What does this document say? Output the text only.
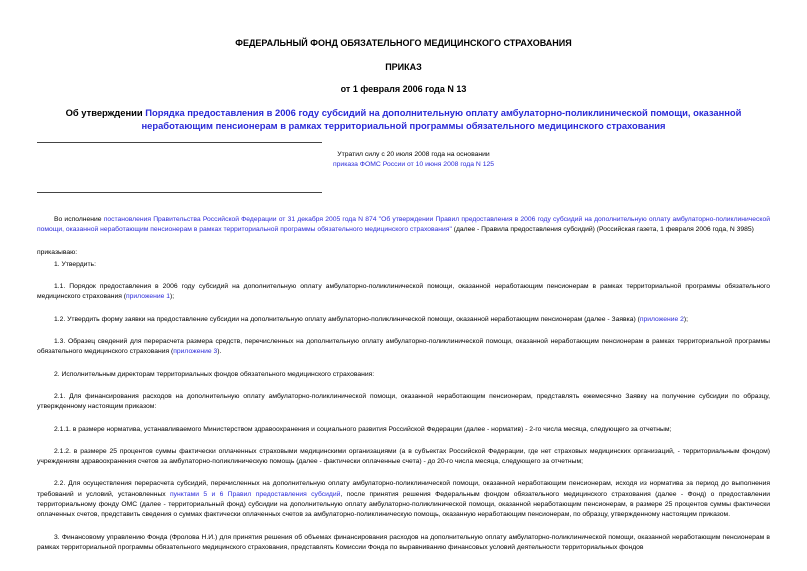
ФЕДЕРАЛЬНЫЙ ФОНД ОБЯЗАТЕЛЬНОГО МЕДИЦИНСКОГО СТРАХОВАНИЯ
ПРИКАЗ
от 1 февраля 2006 года N 13
Об утверждении Порядка предоставления в 2006 году субсидий на дополнительную оплату амбулаторно-поликлинической помощи, оказанной неработающим пенсионерам в рамках территориальной программы обязательного медицинского страхования
Утратил силу с 20 июля 2008 года на основании
приказа ФОМС России от 10 июня 2008 года N 125

Во исполнение постановления Правительства Российской Федерации от 31 декабря 2005 года N 874 "Об утверждении Правил предоставления в 2006 году субсидий на дополнительную оплату амбулаторно-поликлинической помощи, оказанной неработающим пенсионерам в рамках территориальной программы обязательного медицинского страхования" (далее - Правила предоставления субсидий) (Российская газета, 1 февраля 2006 года, N 3985)

приказываю:

1. Утвердить:

1.1. Порядок предоставления в 2006 году субсидий на дополнительную оплату амбулаторно-поликлинической помощи, оказанной неработающим пенсионерам в рамках территориальной программы обязательного медицинского страхования (приложение 1);

1.2. Утвердить форму заявки на предоставление субсидии на дополнительную оплату амбулаторно-поликлинической помощи, оказанной неработающим пенсионерам (далее - Заявка) (приложение 2);

1.3. Образец сведений для перерасчета размера средств, перечисленных на дополнительную оплату амбулаторно-поликлинической помощи, оказанной неработающим пенсионерам в рамках территориальной программы обязательного медицинского страхования (приложение 3).

2. Исполнительным директорам территориальных фондов обязательного медицинского страхования:

2.1. Для финансирования расходов на дополнительную оплату амбулаторно-поликлинической помощи, оказанной неработающим пенсионерам, представлять ежемесячно Заявку на получение субсидии по образцу, утвержденному настоящим приказом:

2.1.1. в размере норматива, устанавливаемого Министерством здравоохранения и социального развития Российской Федерации (далее - норматив) - 2-го числа месяца, следующего за отчетным;

2.1.2. в размере 25 процентов суммы фактически оплаченных страховыми медицинскими организациями (а в субъектах Российской Федерации, где нет страховых медицинских организаций, - территориальным фондом) учреждениям здравоохранения счетов за амбулаторно-поликлиническую помощь (далее - фактически оплаченные счета) - до 20-го числа месяца, следующего за отчетным;

2.2. Для осуществления перерасчета субсидий, перечисленных на дополнительную оплату амбулаторно-поликлинической помощи, оказанной неработающим пенсионерам, исходя из норматива за период до выполнения требований и условий, установленных пунктами 5 и 6 Правил предоставления субсидий, после принятия решения Федеральным фондом обязательного медицинского страхования (далее - Фонд) о предоставлении территориальному фонду ОМС (далее - территориальный фонд) субсидии на дополнительную оплату амбулаторно-поликлинической помощи, оказанной неработающим пенсионерам, в размере 25 процентов суммы фактически оплаченных счетов, представить сведения о суммах фактически оплаченных счетов за амбулаторно-поликлиническую помощь, оказанную неработающим пенсионерам, по образцу, утвержденному настоящим приказом.

3. Финансовому управлению Фонда (Фролова Н.И.) для принятия решения об объемах финансирования расходов на дополнительную оплату амбулаторно-поликлинической помощи, оказанной неработающим пенсионерам в рамках территориальной программы обязательного медицинского страхования, представлять Комиссии Фонда по выравниванию финансовых условий деятельности территориальных фондов
